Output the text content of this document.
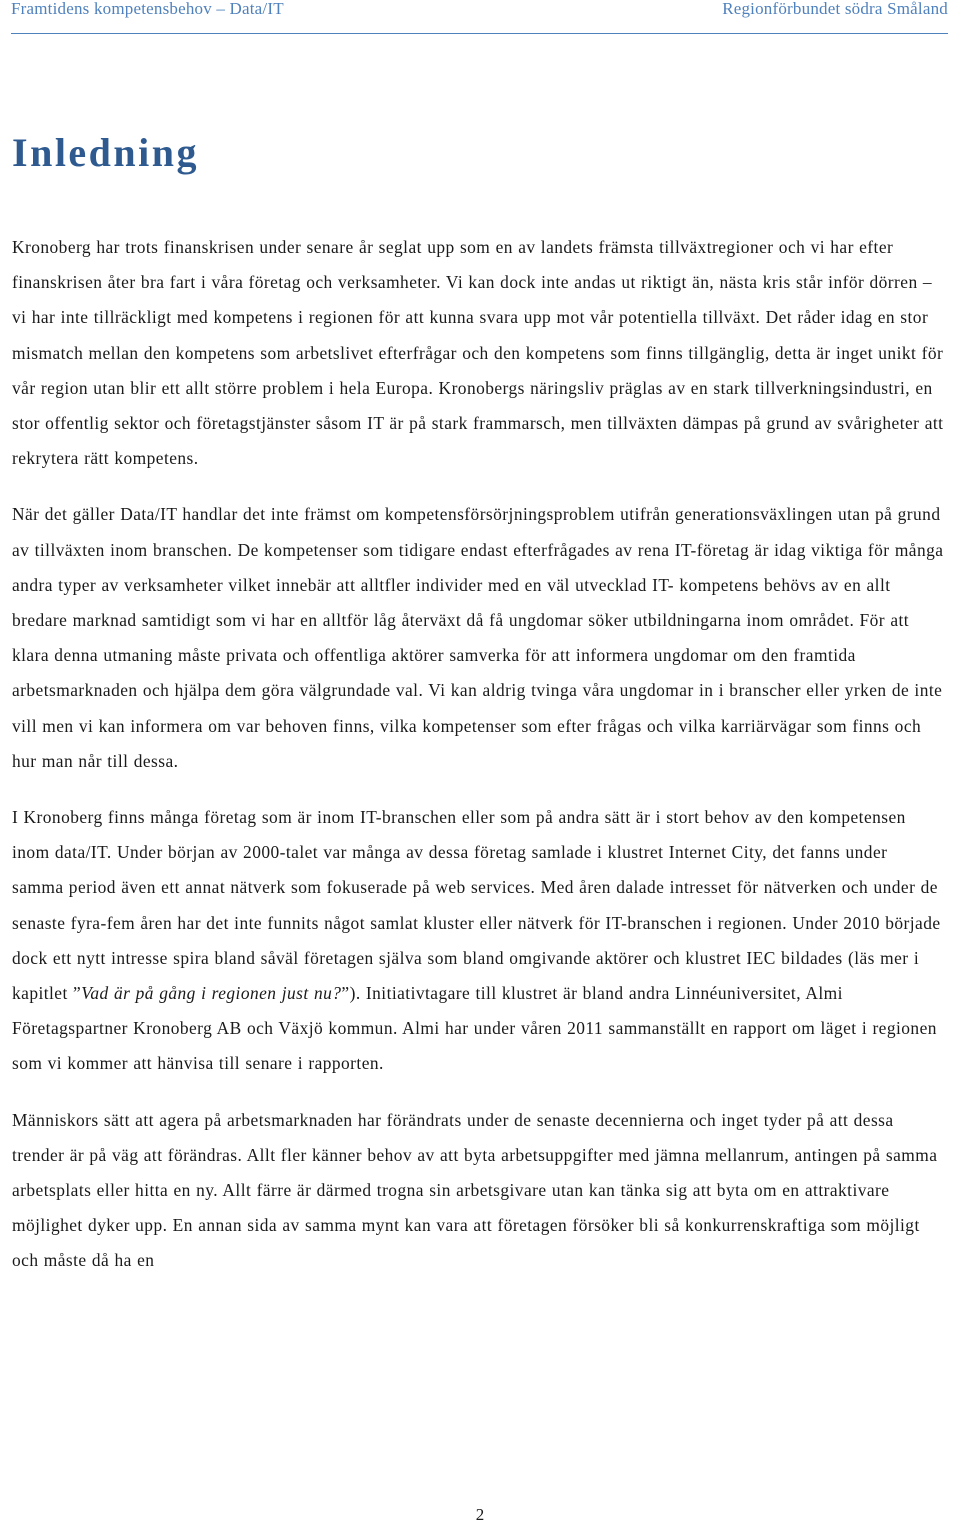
Framtidens kompetensbehov – Data/IT	Regionförbundet södra Småland
Inledning

Kronoberg har trots finanskrisen under senare år seglat upp som en av landets främsta tillväxtregioner och vi har efter finanskrisen åter bra fart i våra företag och verksamheter. Vi kan dock inte andas ut riktigt än, nästa kris står inför dörren – vi har inte tillräckligt med kompetens i regionen för att kunna svara upp mot vår potentiella tillväxt. Det råder idag en stor mismatch mellan den kompetens som arbetslivet efterfrågar och den kompetens som finns tillgänglig, detta är inget unikt för vår region utan blir ett allt större problem i hela Europa. Kronobergs näringsliv präglas av en stark tillverkningsindustri, en stor offentlig sektor och företagstjänster såsom IT är på stark frammarsch, men tillväxten dämpas på grund av svårigheter att rekrytera rätt kompetens.

När det gäller Data/IT handlar det inte främst om kompetensförsörjningsproblem utifrån generationsväxlingen utan på grund av tillväxten inom branschen. De kompetenser som tidigare endast efterfrågades av rena IT-företag är idag viktiga för många andra typer av verksamheter vilket innebär att alltfler individer med en väl utvecklad IT- kompetens behövs av en allt bredare marknad samtidigt som vi har en alltför låg återväxt då få ungdomar söker utbildningarna inom området. För att klara denna utmaning måste privata och offentliga aktörer samverka för att informera ungdomar om den framtida arbetsmarknaden och hjälpa dem göra välgrundade val. Vi kan aldrig tvinga våra ungdomar in i branscher eller yrken de inte vill men vi kan informera om var behoven finns, vilka kompetenser som efter frågas och vilka karriärvägar som finns och hur man når till dessa.

I Kronoberg finns många företag som är inom IT-branschen eller som på andra sätt är i stort behov av den kompetensen inom data/IT. Under början av 2000-talet var många av dessa företag samlade i klustret Internet City, det fanns under samma period även ett annat nätverk som fokuserade på web services. Med åren dalade intresset för nätverken och under de senaste fyra-fem åren har det inte funnits något samlat kluster eller nätverk för IT-branschen i regionen. Under 2010 började dock ett nytt intresse spira bland såväl företagen själva som bland omgivande aktörer och klustret IEC bildades (läs mer i kapitlet ”Vad är på gång i regionen just nu?”). Initiativtagare till klustret är bland andra Linnéuniversitet, Almi Företagspartner Kronoberg AB och Växjö kommun. Almi har under våren 2011 sammanställt en rapport om läget i regionen som vi kommer att hänvisa till senare i rapporten.

Människors sätt att agera på arbetsmarknaden har förändrats under de senaste decennierna och inget tyder på att dessa trender är på väg att förändras. Allt fler känner behov av att byta arbetsuppgifter med jämna mellanrum, antingen på samma arbetsplats eller hitta en ny. Allt färre är därmed trogna sin arbetsgivare utan kan tänka sig att byta om en attraktivare möjlighet dyker upp. En annan sida av samma mynt kan vara att företagen försöker bli så konkurrenskraftiga som möjligt och måste då ha en

2
